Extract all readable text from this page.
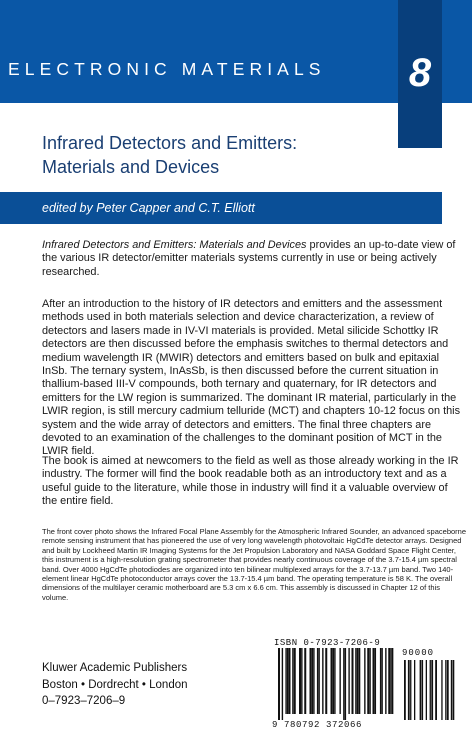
ELECTRONIC MATERIALS 8
Infrared Detectors and Emitters:
Materials and Devices
edited by Peter Capper and C.T. Elliott

Infrared Detectors and Emitters: Materials and Devices provides an up-to-date view of the various IR detector/emitter materials systems currently in use or being actively researched.

After an introduction to the history of IR detectors and emitters and the assessment methods used in both materials selection and device characterization, a review of detectors and lasers made in IV-VI materials is provided. Metal silicide Schottky IR detectors are then discussed before the emphasis switches to thermal detectors and medium wavelength IR (MWIR) detectors and emitters based on bulk and epitaxial InSb. The ternary system, InAsSb, is then discussed before the current situation in thallium-based III-V compounds, both ternary and quaternary, for IR detectors and emitters for the LW region is summarized. The dominant IR material, particularly in the LWIR region, is still mercury cadmium telluride (MCT) and chapters 10-12 focus on this system and the wide array of detectors and emitters. The final three chapters are devoted to an examination of the challenges to the dominant position of MCT in the LWIR field.

The book is aimed at newcomers to the field as well as those already working in the IR industry. The former will find the book readable both as an introductory text and as a useful guide to the literature, while those in industry will find it a valuable overview of the entire field.

The front cover photo shows the Infrared Focal Plane Assembly for the Atmospheric Infrared Sounder, an advanced spaceborne remote sensing instrument that has pioneered the use of very long wavelength photovoltaic HgCdTe detector arrays. Designed and built by Lockheed Martin IR Imaging Systems for the Jet Propulsion Laboratory and NASA Goddard Space Flight Center, this instrument is a high-resolution grating spectrometer that provides nearly continuous coverage of the 3.7-15.4 µm spectral band. Over 4000 HgCdTe photodiodes are organized into ten bilinear multiplexed arrays for the 3.7-13.7 µm band. Two 140-element linear HgCdTe photoconductor arrays cover the 13.7-15.4 µm band. The operating temperature is 58 K. The overall dimensions of the multilayer ceramic motherboard are 5.3 cm x 6.6 cm. This assembly is discussed in Chapter 12 of this volume.

Kluwer Academic Publishers
Boston • Dordrecht • London
0–7923–7206–9
ISBN 0-7923-7206-9
9 780792 372066
90000
